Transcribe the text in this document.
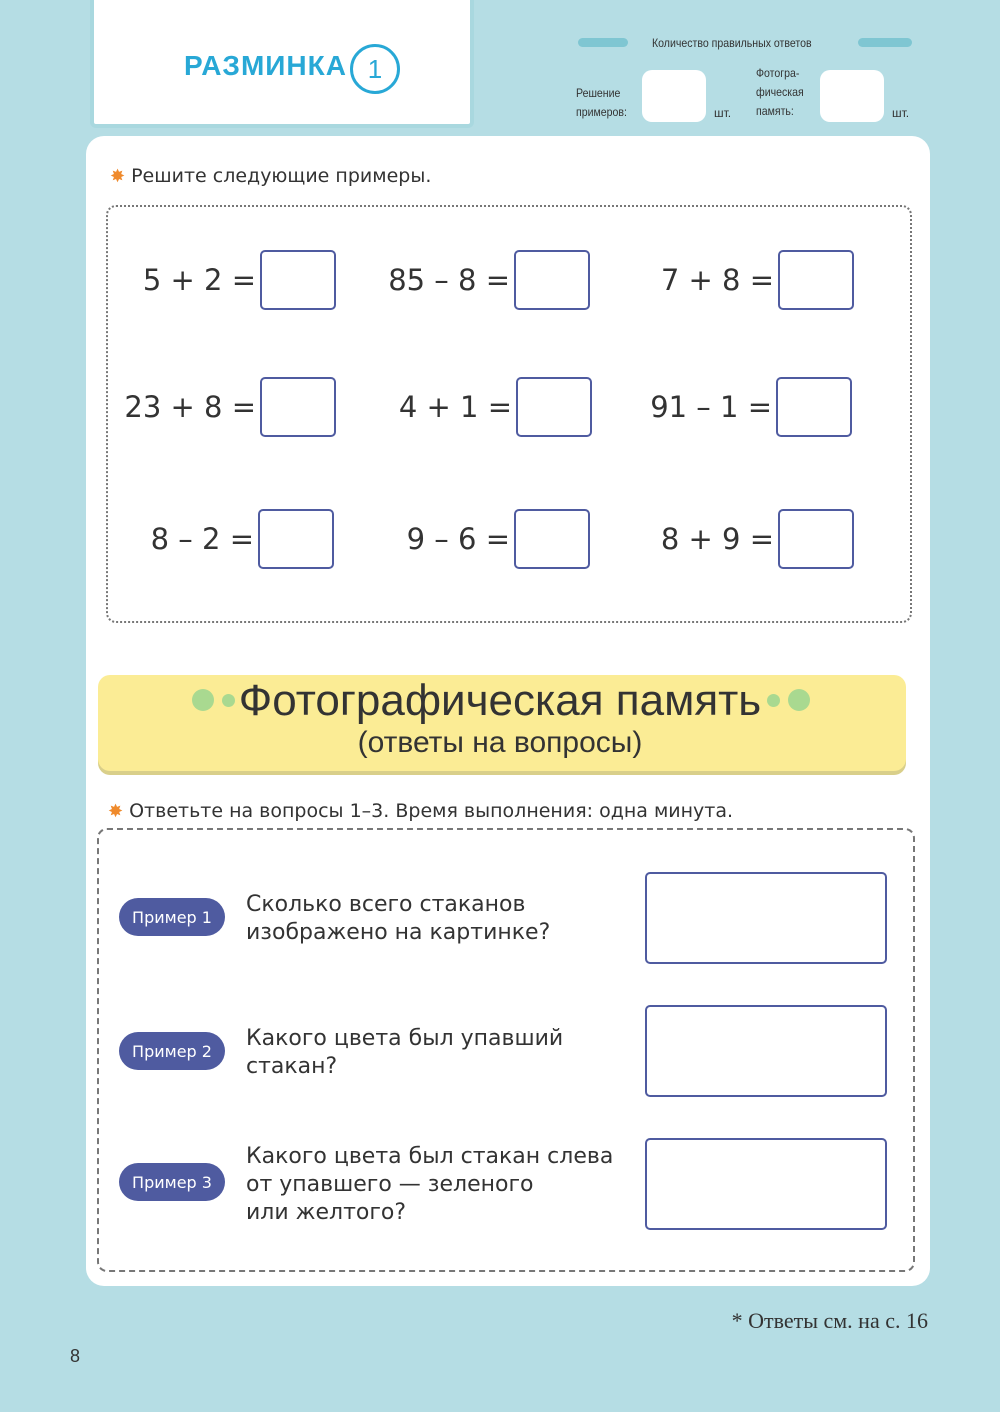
РАЗМИНКА 1
Количество правильных ответов
Решение
примеров:	шт.
Фотогра-
фическая
память:	шт.
✸ Решите следующие примеры.
5 + 2 =	85 – 8 =	7 + 8 =
23 + 8 =	4 + 1 =	91 – 1 =
8 – 2 =	9 – 6 =	8 + 9 =
Фотографическая память
(ответы на вопросы)
✸ Ответьте на вопросы 1–3. Время выполнения: одна минута.
Пример 1	Сколько всего стаканов
изображено на картинке?
Пример 2	Какого цвета был упавший
стакан?
Пример 3
Какого цвета был стакан слева
от упавшего — зеленого
или желтого?
* Ответы см. на с. 16
8
